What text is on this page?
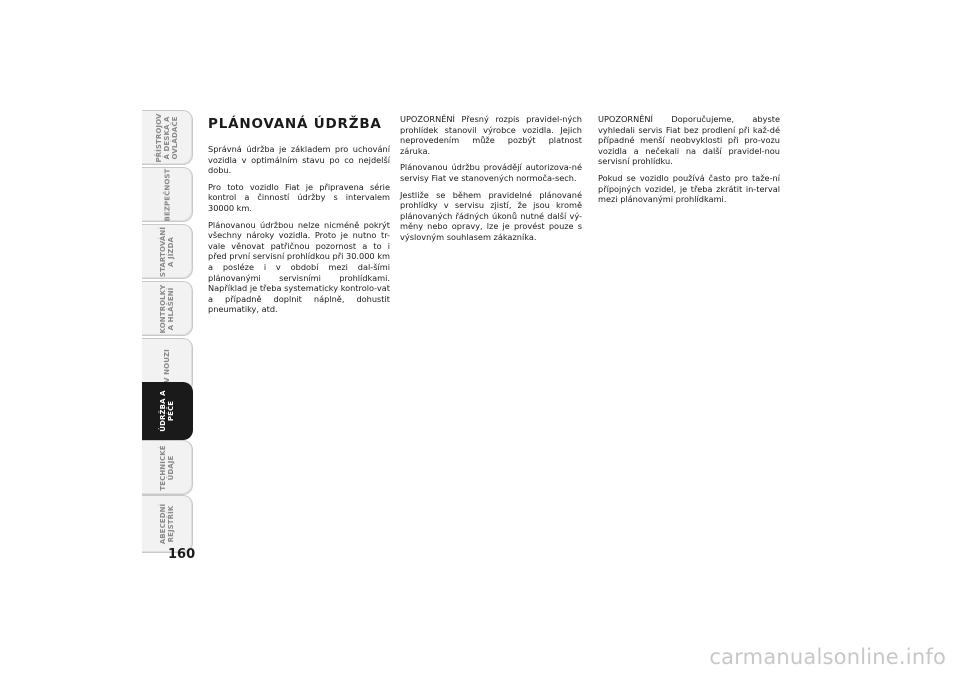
PŘÍSTROJOV
Á DESKA A
OVLÁDAČE
BEZPEČNOST
STARTOVÁNÍ
A JÍZDA
KONTROLKY
A HLÁŠENÍ
V NOUZI
ÚDRŽBA A
PÉČE
TECHNICKÉ
ÚDAJE
ABECEDNÍ
REJSTŘÍK
160
PLÁNOVANÁ ÚDRŽBA

Správná údržba je základem pro uchování vozidla v optimálním stavu po co nejdelší dobu.

Pro toto vozidlo Fiat je připravena série kontrol a činností údržby s intervalem 30000 km.

Plánovanou údržbou nelze nicméně pokrýt všechny nároky vozidla. Proto je nutno tr-vale věnovat patřičnou pozornost a to i před první servisní prohlídkou při 30.000 km a posléze i v období mezi dal-šími plánovanými servisními prohlídkami. Například je třeba systematicky kontrolo-vat a případně doplnit náplně, dohustit pneumatiky, atd.

UPOZORNĚNÍ Přesný rozpis pravidel-ných prohlídek stanovil výrobce vozidla. Jejich neprovedením může pozbýt platnost záruka.

Plánovanou údržbu provádějí autorizova-né servisy Fiat ve stanovených normoča-sech.

Jestliže se během pravidelné plánované prohlídky v servisu zjistí, že jsou kromě plánovaných řádných úkonů nutné další vý-měny nebo opravy, lze je provést pouze s výslovným souhlasem zákazníka.

UPOZORNĚNÍ Doporučujeme, abyste vyhledali servis Fiat bez prodlení při kaž-dé případné menší neobvyklosti při pro-vozu vozidla a nečekali na další pravidel-nou servisní prohlídku.

Pokud se vozidlo používá často pro taže-ní přípojných vozidel, je třeba zkrátit in-terval mezi plánovanými prohlídkami.

carmanualsonline.info
